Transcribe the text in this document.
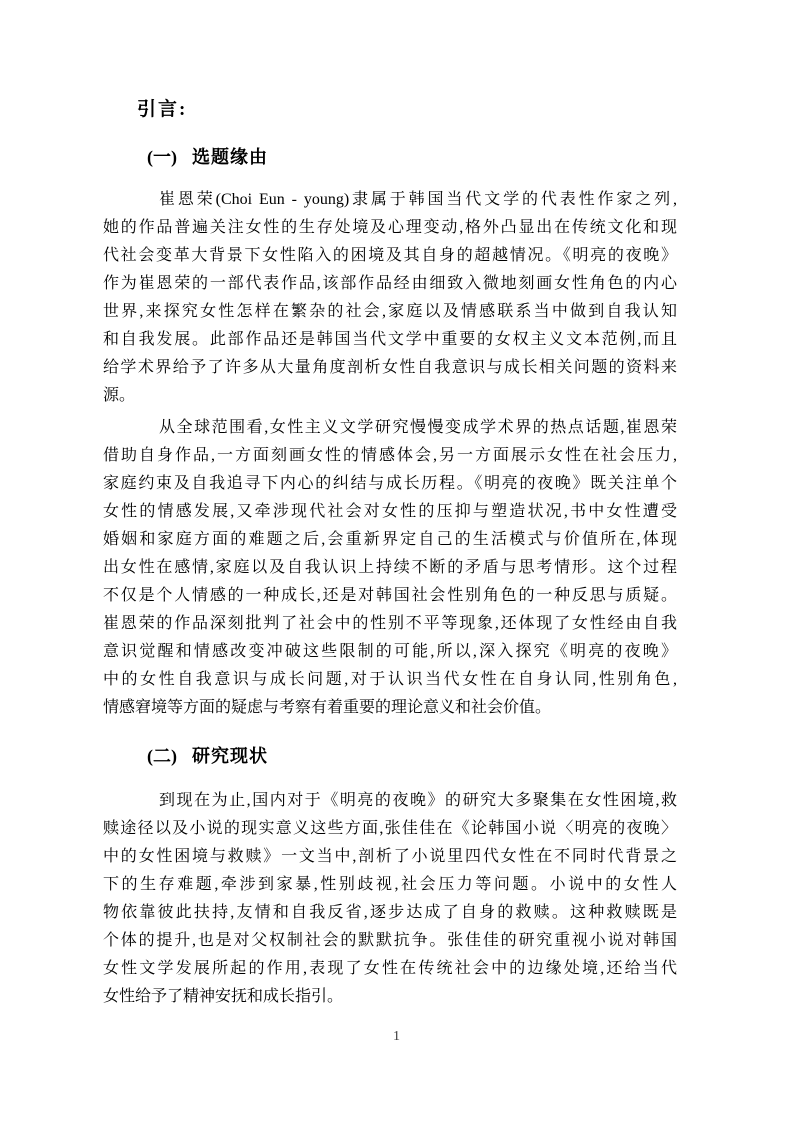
引言:
(一) 选题缘由
崔恩荣(Choi Eun - young)隶属于韩国当代文学的代表性作家之列,
她的作品普遍关注女性的生存处境及心理变动,格外凸显出在传统文化和现
代社会变革大背景下女性陷入的困境及其自身的超越情况。《明亮的夜晚》
作为崔恩荣的一部代表作品,该部作品经由细致入微地刻画女性角色的内心
世界,来探究女性怎样在繁杂的社会,家庭以及情感联系当中做到自我认知
和自我发展。此部作品还是韩国当代文学中重要的女权主义文本范例,而且
给学术界给予了许多从大量角度剖析女性自我意识与成长相关问题的资料来
源。
从全球范围看,女性主义文学研究慢慢变成学术界的热点话题,崔恩荣
借助自身作品,一方面刻画女性的情感体会,另一方面展示女性在社会压力,
家庭约束及自我追寻下内心的纠结与成长历程。《明亮的夜晚》既关注单个
女性的情感发展,又牵涉现代社会对女性的压抑与塑造状况,书中女性遭受
婚姻和家庭方面的难题之后,会重新界定自己的生活模式与价值所在,体现
出女性在感情,家庭以及自我认识上持续不断的矛盾与思考情形。这个过程
不仅是个人情感的一种成长,还是对韩国社会性别角色的一种反思与质疑。
崔恩荣的作品深刻批判了社会中的性别不平等现象,还体现了女性经由自我
意识觉醒和情感改变冲破这些限制的可能,所以,深入探究《明亮的夜晚》
中的女性自我意识与成长问题,对于认识当代女性在自身认同,性别角色,
情感窘境等方面的疑虑与考察有着重要的理论意义和社会价值。
(二) 研究现状
到现在为止,国内对于《明亮的夜晚》的研究大多聚集在女性困境,救
赎途径以及小说的现实意义这些方面,张佳佳在《论韩国小说〈明亮的夜晚〉
中的女性困境与救赎》一文当中,剖析了小说里四代女性在不同时代背景之
下的生存难题,牵涉到家暴,性别歧视,社会压力等问题。小说中的女性人
物依靠彼此扶持,友情和自我反省,逐步达成了自身的救赎。这种救赎既是
个体的提升,也是对父权制社会的默默抗争。张佳佳的研究重视小说对韩国
女性文学发展所起的作用,表现了女性在传统社会中的边缘处境,还给当代
女性给予了精神安抚和成长指引。
1
